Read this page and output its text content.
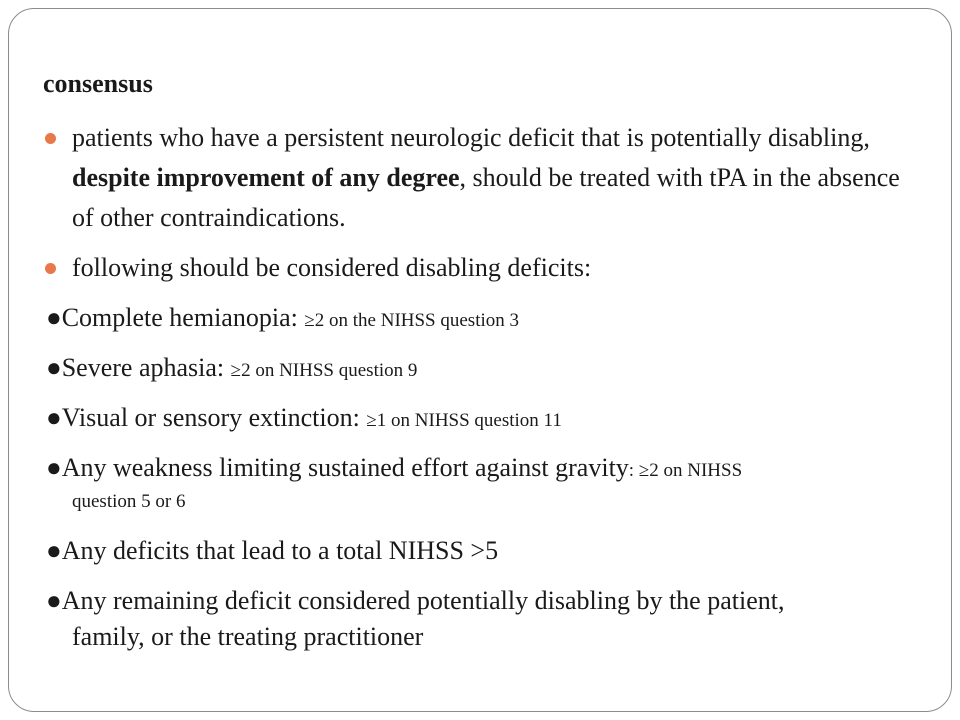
consensus
patients who have a persistent neurologic deficit that is potentially disabling, despite improvement of any degree, should be treated with tPA in the absence of other contraindications.
following should be considered disabling deficits:
●Complete hemianopia: ≥2 on the NIHSS question 3
●Severe aphasia: ≥2 on NIHSS question 9
●Visual or sensory extinction: ≥1 on NIHSS question 11
●Any weakness limiting sustained effort against gravity: ≥2 on NIHSS
question 5 or 6
●Any deficits that lead to a total NIHSS >5
●Any remaining deficit considered potentially disabling by the patient,
family, or the treating practitioner
